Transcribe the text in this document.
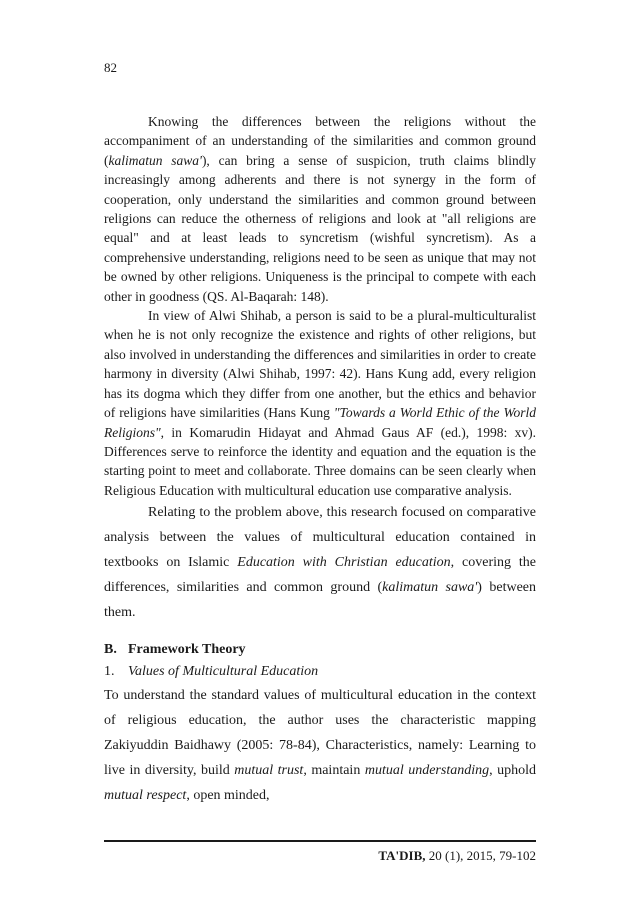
82

Knowing the differences between the religions without the accompaniment of an understanding of the similarities and common ground (kalimatun sawa'), can bring a sense of suspicion, truth claims blindly increasingly among adherents and there is not synergy in the form of cooperation, only understand the similarities and common ground between religions can reduce the otherness of religions and look at "all religions are equal" and at least leads to syncretism (wishful syncretism). As a comprehensive understanding, religions need to be seen as unique that may not be owned by other religions. Uniqueness is the principal to compete with each other in goodness (QS. Al-Baqarah: 148).

In view of Alwi Shihab, a person is said to be a plural-multiculturalist when he is not only recognize the existence and rights of other religions, but also involved in understanding the differences and similarities in order to create harmony in diversity (Alwi Shihab, 1997: 42). Hans Kung add, every religion has its dogma which they differ from one another, but the ethics and behavior of religions have similarities (Hans Kung "Towards a World Ethic of the World Religions", in Komarudin Hidayat and Ahmad Gaus AF (ed.), 1998: xv). Differences serve to reinforce the identity and equation and the equation is the starting point to meet and collaborate. Three domains can be seen clearly when Religious Education with multicultural education use comparative analysis.

Relating to the problem above, this research focused on comparative analysis between the values of multicultural education contained in textbooks on Islamic Education with Christian education, covering the differences, similarities and common ground (kalimatun sawa') between them.

B. Framework Theory
1. Values of Multicultural Education

To understand the standard values of multicultural education in the context of religious education, the author uses the characteristic mapping Zakiyuddin Baidhawy (2005: 78-84), Characteristics, namely: Learning to live in diversity, build mutual trust, maintain mutual understanding, uphold mutual respect, open minded,

TA'DIB, 20 (1), 2015, 79-102
